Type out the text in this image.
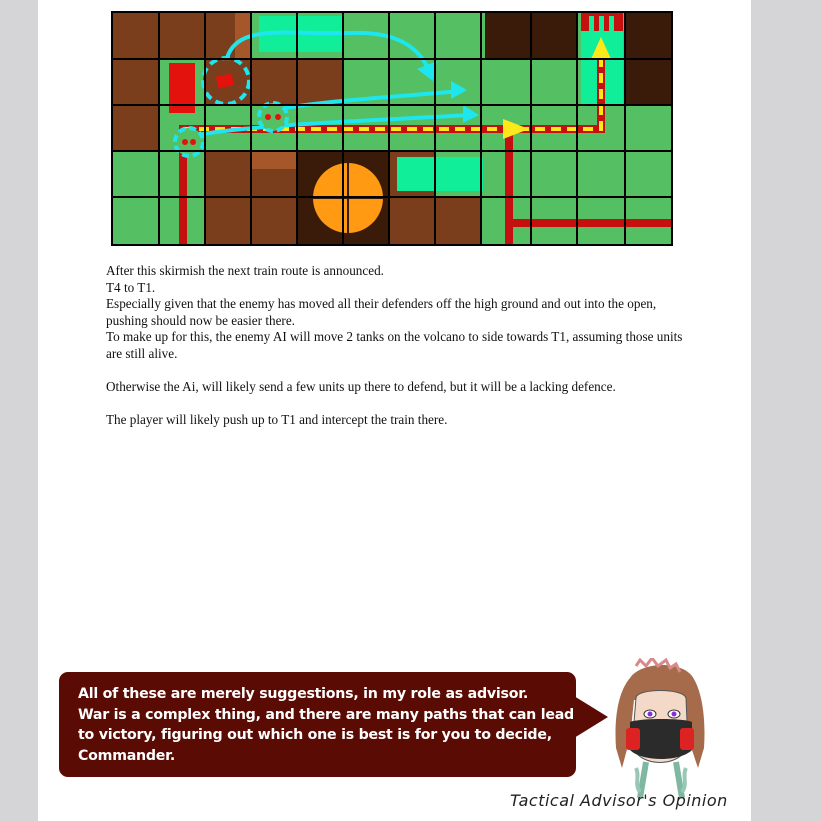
After this skirmish the next train route is announced.

T4 to T1.

Especially given that the enemy has moved all their defenders off the high ground and out into the open, pushing should now be easier there.

To make up for this, the enemy AI will move 2 tanks on the volcano to side towards T1, assuming those units are still alive.

Otherwise the Ai, will likely send a few units up there to defend, but it will be a lacking defence.

The player will likely push up to T1 and intercept the train there.

All of these are merely suggestions, in my role as advisor.
War is a complex thing, and there are many paths that can lead
to victory, figuring out which one is best is for you to decide,
Commander.
Tactical Advisor's Opinion
